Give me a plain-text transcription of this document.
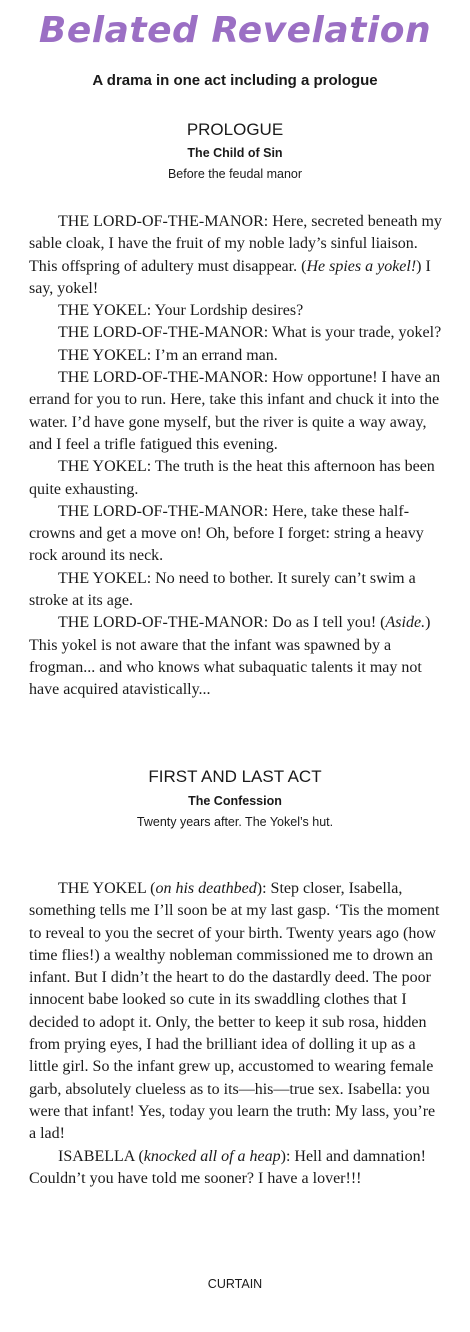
Belated Revelation
A drama in one act including a prologue
PROLOGUE
The Child of Sin
Before the feudal manor

THE LORD-OF-THE-MANOR: Here, secreted beneath my sable cloak, I have the fruit of my noble lady’s sinful liaison. This offspring of adultery must disappear. (He spies a yokel!) I say, yokel!

THE YOKEL: Your Lordship desires?

THE LORD-OF-THE-MANOR: What is your trade, yokel?

THE YOKEL: I’m an errand man.

THE LORD-OF-THE-MANOR: How opportune! I have an errand for you to run. Here, take this infant and chuck it into the water. I’d have gone myself, but the river is quite a way away, and I feel a trifle fatigued this evening.

THE YOKEL: The truth is the heat this afternoon has been quite exhausting.

THE LORD-OF-THE-MANOR: Here, take these half-crowns and get a move on! Oh, before I forget: string a heavy rock around its neck.

THE YOKEL: No need to bother. It surely can’t swim a stroke at its age.

THE LORD-OF-THE-MANOR: Do as I tell you! (Aside.) This yokel is not aware that the infant was spawned by a frogman... and who knows what subaquatic talents it may not have acquired atavistically...

FIRST AND LAST ACT
The Confession
Twenty years after. The Yokel’s hut.

THE YOKEL (on his deathbed): Step closer, Isabella, something tells me I’ll soon be at my last gasp. ‘Tis the moment to reveal to you the secret of your birth. Twenty years ago (how time flies!) a wealthy nobleman commissioned me to drown an infant. But I didn’t the heart to do the dastardly deed. The poor innocent babe looked so cute in its swaddling clothes that I decided to adopt it. Only, the better to keep it sub rosa, hidden from prying eyes, I had the brilliant idea of dolling it up as a little girl. So the infant grew up, accustomed to wearing female garb, absolutely clueless as to its—his—true sex. Isabella: you were that infant! Yes, today you learn the truth: My lass, you’re a lad!

ISABELLA (knocked all of a heap): Hell and damnation! Couldn’t you have told me sooner? I have a lover!!!

CURTAIN
